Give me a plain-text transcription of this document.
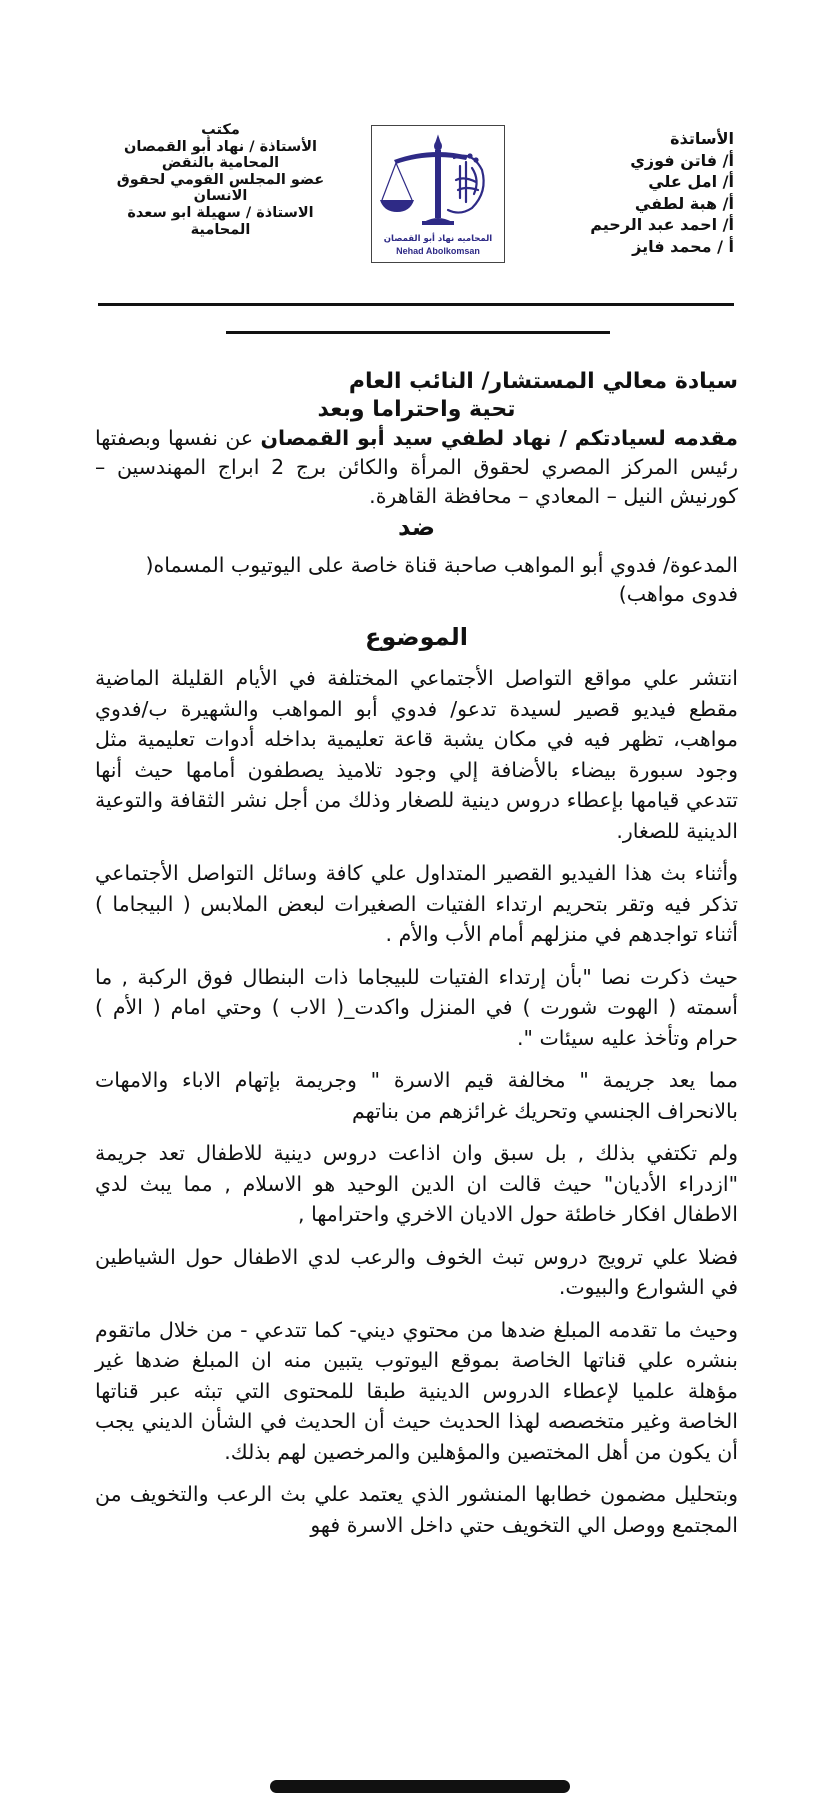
مكتب
الأستاذة / نهاد أبو القمصان
المحامية بالنقض
عضو المجلس القومي لحقوق
الانسان
الاستاذة / سهيلة ابو سعدة
المحامية
المحاميه نهاد أبو القمصان
Nehad Abolkomsan
الأساتذة
أ/ فاتن فوزي
أ/ امل علي
أ/ هبة لطفي
أ/ احمد عبد الرحيم
أ / محمد فايز

سيادة معالي المستشار/ النائب العام

تحية واحتراما وبعد

مقدمه لسيادتكم / نهاد لطفي سيد أبو القمصان عن نفسها وبصفتها رئيس المركز المصري لحقوق المرأة والكائن برج 2 ابراج المهندسين – كورنيش النيل – المعادي – محافظة القاهرة.

ضد

المدعوة/ فدوي أبو المواهب صاحبة قناة خاصة على اليوتيوب المسماه( فدوى مواهب)

الموضوع

انتشر علي مواقع التواصل الأجتماعي المختلفة في الأيام القليلة الماضية مقطع فيديو قصير لسيدة تدعو/ فدوي أبو المواهب والشهيرة ب/فدوي مواهب، تظهر فيه في مكان يشبة قاعة تعليمية بداخله أدوات تعليمية مثل وجود سبورة بيضاء بالأضافة إلي وجود تلاميذ يصطفون أمامها حيث أنها تتدعي قيامها بإعطاء دروس دينية للصغار وذلك من أجل نشر الثقافة والتوعية الدينية للصغار.

وأثناء بث هذا الفيديو القصير المتداول علي كافة وسائل التواصل الأجتماعي تذكر فيه وتقر بتحريم ارتداء الفتيات الصغيرات لبعض الملابس ( البيجاما ) أثناء تواجدهم في منزلهم أمام الأب والأم .

حيث ذكرت نصا "بأن إرتداء الفتيات للبيجاما ذات البنطال فوق الركبة , ما أسمته ( الهوت شورت ) في المنزل واكدت_( الاب ) وحتي امام ( الأم ) حرام وتأخذ عليه سيئات ".

مما يعد جريمة " مخالفة قيم الاسرة " وجريمة بإتهام الاباء والامهات بالانحراف الجنسي وتحريك غرائزهم من بناتهم

ولم تكتفي بذلك , بل سبق وان اذاعت دروس دينية للاطفال تعد جريمة "ازدراء الأديان" حيث قالت ان الدين الوحيد هو الاسلام , مما يبث لدي الاطفال افكار خاطئة حول الاديان الاخري واحترامها ,

فضلا علي ترويج دروس تبث الخوف والرعب لدي الاطفال حول الشياطين في الشوارع والبيوت.

وحيث ما تقدمه المبلغ ضدها من محتوي ديني- كما تتدعي - من خلال ماتقوم بنشره علي قناتها الخاصة بموقع اليوتوب يتبين منه ان المبلغ ضدها غير مؤهلة علميا لإعطاء الدروس الدينية طبقا للمحتوى التي تبثه عبر قناتها الخاصة وغير متخصصه لهذا الحديث حيث أن الحديث في الشأن الديني يجب أن يكون من أهل المختصين والمؤهلين والمرخصين لهم بذلك.

وبتحليل مضمون خطابها المنشور الذي يعتمد علي بث الرعب والتخويف من المجتمع ووصل الي التخويف حتي داخل الاسرة فهو
